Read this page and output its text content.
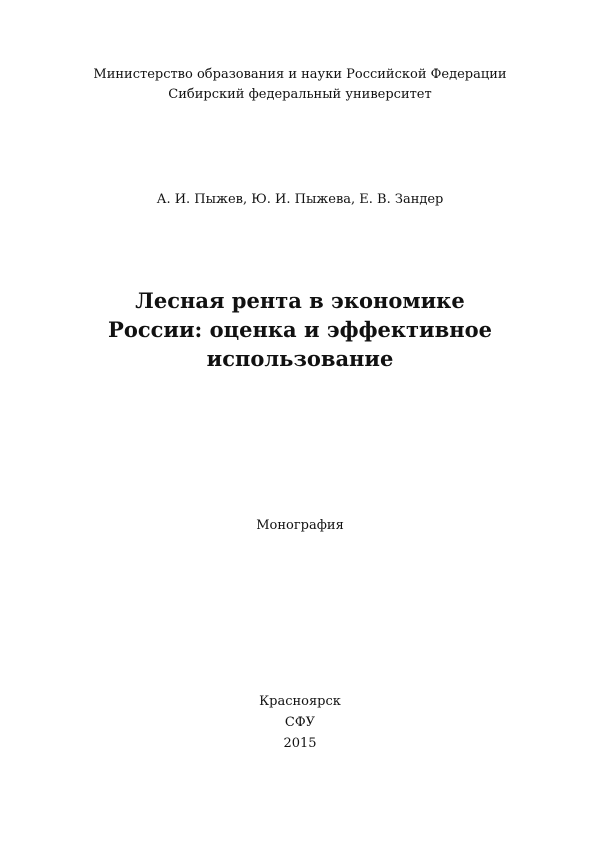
Министерство образования и науки Российской Федерации
Сибирский федеральный университет
А. И. Пыжев, Ю. И. Пыжева, Е. В. Зандер
Лесная рента в экономике
России: оценка и эффективное
использование
Монография
Красноярск
СФУ
2015
